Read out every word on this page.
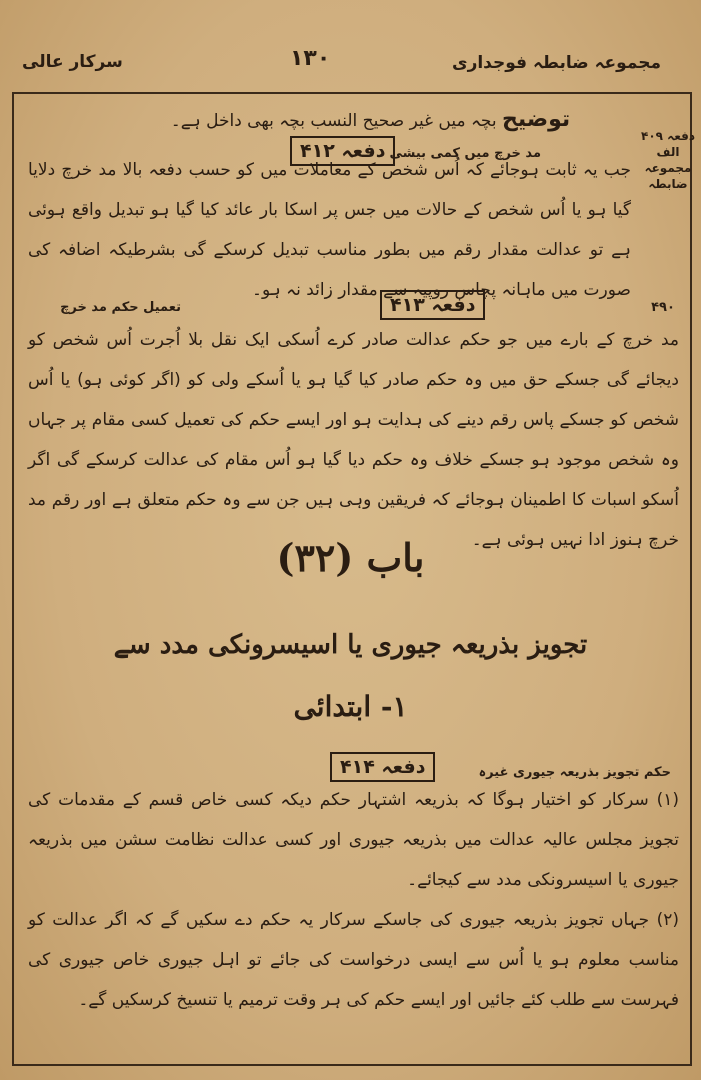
مجموعہ ضابطہ فوجداری
۱۳۰
سرکار عالی
توضیح بچہ میں غیر صحیح النسب بچہ بھی داخل ہے۔
دفعہ ۴۰۹ الف مجموعہ ضابطہ
مد خرچ میں کمی بیشی
دفعہ ۴۱۲
جب یہ ثابت ہوجائے کہ اُس شخص کے معاملات میں کو حسب دفعہ بالا مد خرچ دلایا گیا ہو یا اُس شخص کے حالات میں جس پر اسکا بار عائد کیا گیا ہو تبدیل واقع ہوئی ہے تو عدالت مقدار رقم میں بطور مناسب تبدیل کرسکے گی بشرطیکہ اضافہ کی صورت میں ماہانہ پچاس روپیہ سے مقدار زائد نہ ہو۔
۴۹۰
تعمیل حکم مد خرچ	دفعہ ۴۱۳
مد خرچ کے بارے میں جو حکم عدالت صادر کرے اُسکی ایک نقل بلا اُجرت اُس شخص کو دیجائے گی جسکے حق میں وہ حکم صادر کیا گیا ہو یا اُسکے ولی کو (اگر کوئی ہو) یا اُس شخص کو جسکے پاس رقم دینے کی ہدایت ہو اور ایسے حکم کی تعمیل کسی مقام پر جہاں وہ شخص موجود ہو جسکے خلاف وہ حکم دیا گیا ہو اُس مقام کی عدالت کرسکے گی اگر اُسکو اسبات کا اطمینان ہوجائے کہ فریقین وہی ہیں جن سے وہ حکم متعلق ہے اور رقم مد خرچ ہنوز ادا نہیں ہوئی ہے۔
باب (۳۲)
تجویز بذریعہ جیوری یا اسیسرونکی مدد سے
۱- ابتدائی
حکم تجویز بذریعہ جیوری غیرہ
دفعہ ۴۱۴
(۱) سرکار کو اختیار ہوگا کہ بذریعہ اشتہار حکم دیکہ کسی خاص قسم کے مقدمات کی تجویز مجلس عالیہ عدالت میں بذریعہ جیوری اور کسی عدالت نظامت سشن میں بذریعہ جیوری یا اسیسرونکی مدد سے کیجائے۔
(۲) جہاں تجویز بذریعہ جیوری کی جاسکے سرکار یہ حکم دے سکیں گے کہ اگر عدالت کو مناسب معلوم ہو یا اُس سے ایسی درخواست کی جائے تو اہل جیوری خاص جیوری کی فہرست سے طلب کئے جائیں اور ایسے حکم کی ہر وقت ترمیم یا تنسیخ کرسکیں گے۔
